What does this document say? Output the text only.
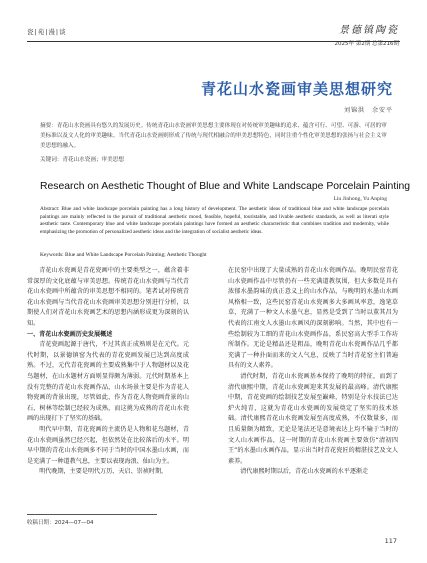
瓷|苑|漫|谈	景德镇陶瓷
2025年 第2期 总第216期
青花山水瓷画审美思想研究
刘锦洪　余安平

摘要：青花山水瓷画具有悠久的发展历史。传统青花山水瓷画审美思想主要体现在对传统审美趣味的追求、蕴含可行、可望、可游、可居的审美标准以及文人化的审美趣味。当代青花山水瓷画则形成了传统与现代相融合的审美思想特色，同时注重个性化审美思想的张扬与社会主义审美思想的融入。

关键词：青花山水瓷画；审美思想
Research on Aesthetic Thought of Blue and White Landscape Porcelain Painting
Liu Jinhong, Yu Anping
Abstract: Blue and white landscape porcelain painting has a long history of development. The aesthetic ideas of traditional blue and white landscape porcelain paintings are mainly reflected in the pursuit of traditional aesthetic mood, feasible, hopeful, touristable, and livable aesthetic standards, as well as literati style aesthetic taste. Contemporary blue and white landscape porcelain paintings have formed an aesthetic characteristic that combines tradition and modernity, while emphasizing the promotion of personalized aesthetic ideas and the integration of socialist aesthetic ideas.
Keywords: Blue and White Landscape Porcelain Painting; Aesthetic Thought

青花山水瓷画是青花瓷画中的主要类型之一，蕴含着非常深厚的文化底蕴与审美思想。传统青花山水瓷画与当代青花山水瓷画中所蕴含的审美思想不相同的。笔者试对传统青花山水瓷画与当代青花山水瓷画审美思想分别进行分析，以期使人们对青花山水瓷画艺术的思想内涵形成更为深刻的认知。

一、青花山水瓷画历史发展概述

青花瓷画起源于唐代，不过其真正成熟则是在元代。元代时期，以景德镇窑为代表的青花瓷画发展已达到高度成熟。不过，元代青花瓷画的主要成熟集中于人物题材以及花鸟题材，在山水题材方面则显得颇为薄弱。元代时期基本上没有完整的青花山水瓷画作品，山水场景主要是作为青花人物瓷画的背景出现，尽管如此，作为青花人物瓷画背景的山石、树林等绘制已经较为成熟，而这挑为成熟的青花山水瓷画的出现打下了坚实的基础。

明代早中期，青花瓷画的主流仍是人物和花鸟题材，青花山水瓷画虽然已经兴起，但依然处在比较落后的水平。明早中期的青花山水瓷画多不同于当时的中国水墨山水画，而是充满了一种道教气息，主要以表现海浪、仙山为主。

明代晚期，主要是明代万历、天启、崇祯时期，

在民窑中出现了大量成熟的青花山水瓷画作品。晚明民窑青花山水瓷画作品中尽管仍有一些充满道教氛围，但大多数是具有浓郁水墨韵味的真正意义上的山水作品，与晚明的水墨山水画风格相一致，这些民窑青花山水瓷画多大多画风率意，逸笔草草，充满了一种文人水墨气息，显然是受到了当时以董其昌为代表的江南文人水墨山水画风的深刻影响。当然，其中也有一些绘制较为工细的青花山水瓷画作品，系民窑高大型手工作坊所制作。无论是精品还是粗品，晚明青花山水瓷画作品几乎都充满了一种扑面而来的文人气息，反映了当时青花窑主们普遍具有的文人素养。

清代时期，青花山水瓷画基本保持了晚明的特征，而到了清代康熙中期，青花山水瓷画迎来其发展的最高峰。清代康熙中期，青花瓷画的绘制技艺发展至巅峰，特别是分水技法已达炉火纯青，这就为青花山水瓷画的发展奠定了坚实的技术基础。清代康熙青花山水瓷画发展至高度成熟，不仅数量多，而且质量颇为精致，无论是笔法还是意境表达上均不输于当时的文人山水画作品，这一时期的青花山水瓷画主要效仿“清初四王”的水墨山水画作品，显示出当时青花瓷匠的精湛技艺及文人素养。

清代康熙时期以后，青花山水瓷画的水平逐渐走

收稿日期：2024—07—04
117
